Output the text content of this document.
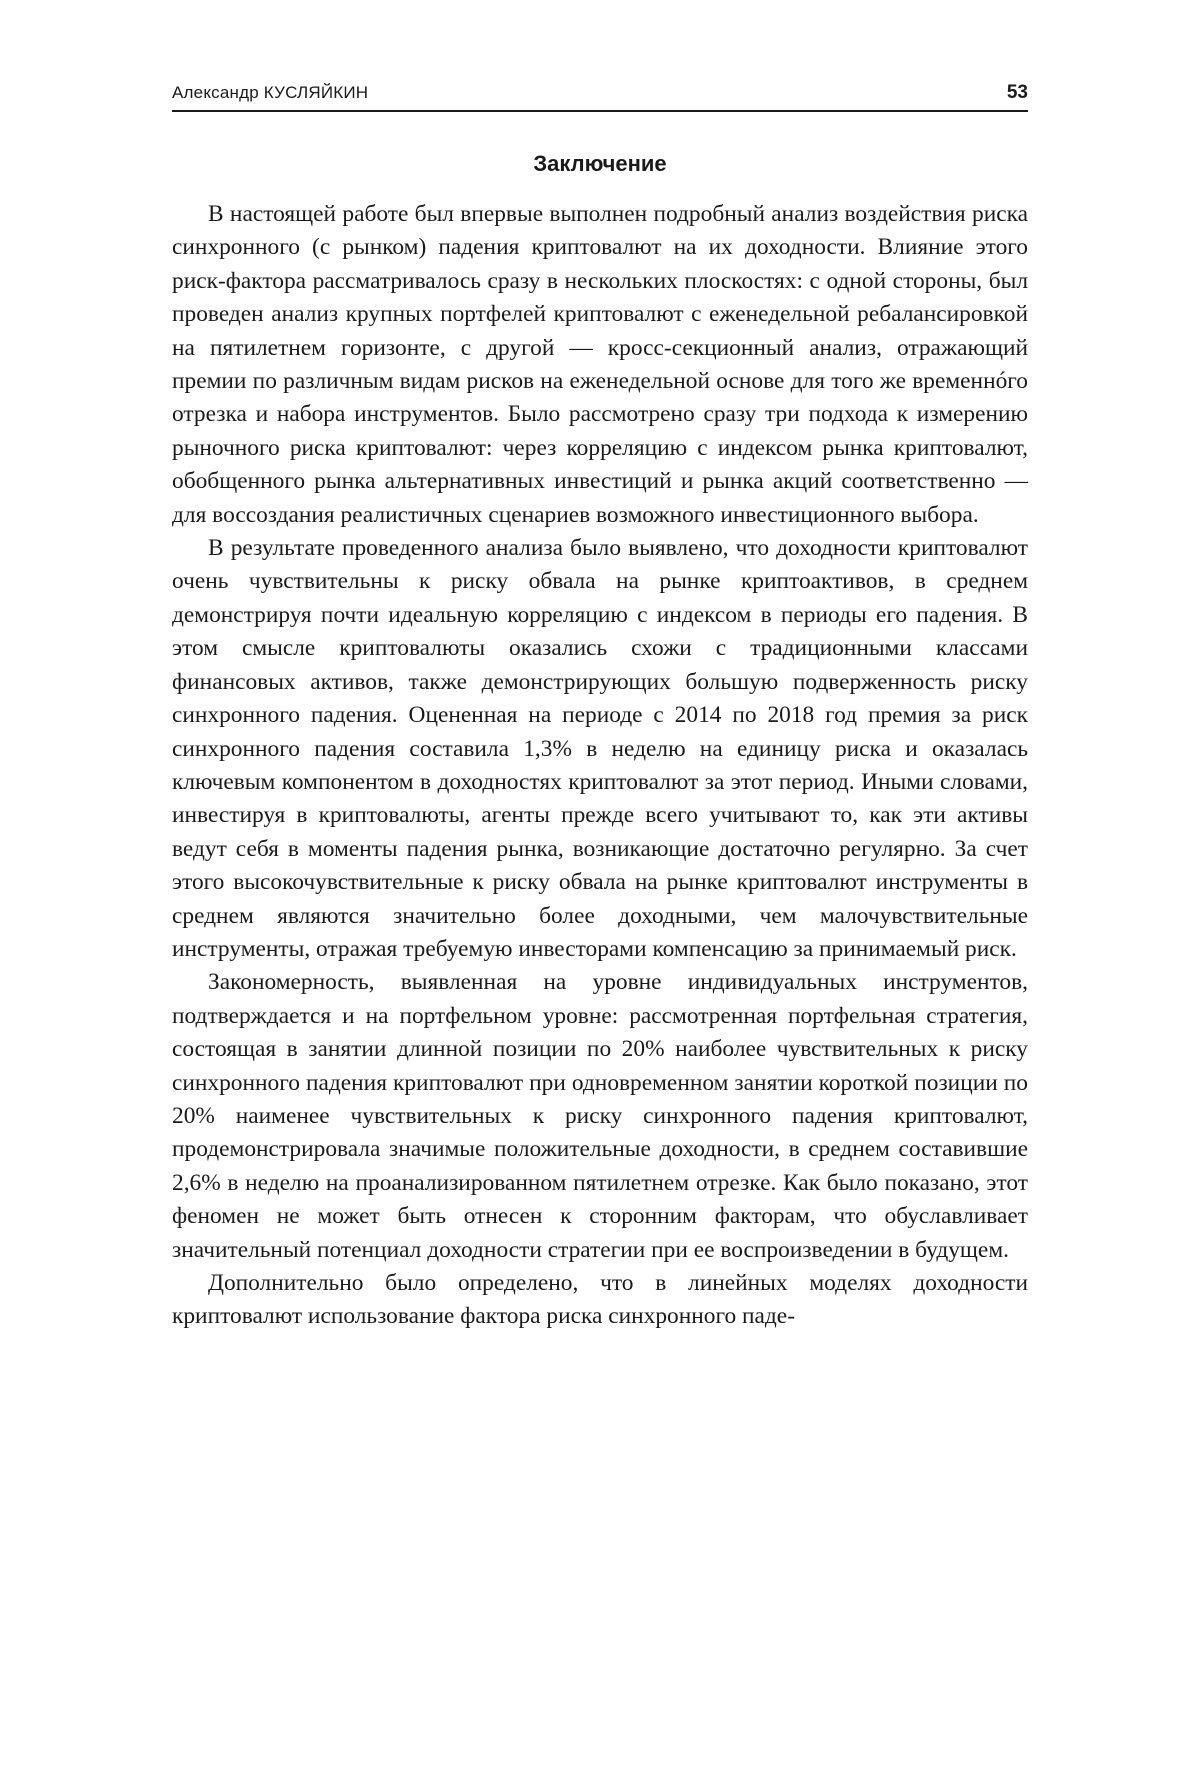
Александр КУСЛЯЙКИН	53
Заключение

В настоящей работе был впервые выполнен подробный анализ воздействия риска синхронного (с рынком) падения криптовалют на их доходности. Влияние этого риск-фактора рассматривалось сразу в нескольких плоскостях: с одной стороны, был проведен анализ крупных портфелей криптовалют с еженедельной реба­лансировкой на пятилетнем горизонте, с другой — кросс-секци­онный анализ, отражающий премии по различным видам рисков на еженедельной основе для того же временнóго отрезка и набора инструментов. Было рассмотрено сразу три подхода к измерению рыночного риска криптовалют: через корреляцию с индексом рынка криптовалют, обобщенного рынка альтернативных инве­стиций и рынка акций соответственно — для воссоздания реали­стичных сценариев возможного инвестиционного выбора.

В результате проведенного анализа было выявлено, что доход­ности криптовалют очень чувствительны к риску обвала на рынке криптоактивов, в среднем демонстрируя почти идеальную корре­ляцию с индексом в периоды его падения. В этом смысле крипто­валюты оказались схожи с традиционными классами финансовых активов, также демонстрирующих большую подверженность риску синхронного падения. Оцененная на периоде с 2014 по 2018 год пре­мия за риск синхронного падения составила 1,3% в неделю на еди­ницу риска и оказалась ключевым компонентом в доходностях криптовалют за этот период. Иными словами, инвестируя в крип­товалюты, агенты прежде всего учитывают то, как эти активы ведут себя в моменты падения рынка, возникающие достаточно регуляр­но. За счет этого высокочувствительные к риску обвала на рынке криптовалют инструменты в среднем являются значительно более доходными, чем малочувствительные инструменты, отражая тре­буемую инвесторами компенсацию за принимаемый риск.

Закономерность, выявленная на уровне индивидуальных инстру­ментов, подтверждается и на портфельном уровне: рассмотренная портфельная стратегия, состоящая в занятии длинной позиции по 20% наиболее чувствительных к риску синхронного падения крип­товалют при одновременном занятии короткой позиции по 20% наи­менее чувствительных к риску синхронного падения криптовалют, продемонстрировала значимые положительные доходности, в сред­нем составившие 2,6% в неделю на проанализированном пятилетнем отрезке. Как было показано, этот феномен не может быть отнесен к сторонним факторам, что обуславливает значительный потенциал доходности стратегии при ее воспроизведении в будущем.

Дополнительно было определено, что в линейных моделях доход­ности криптовалют использование фактора риска синхронного паде-
